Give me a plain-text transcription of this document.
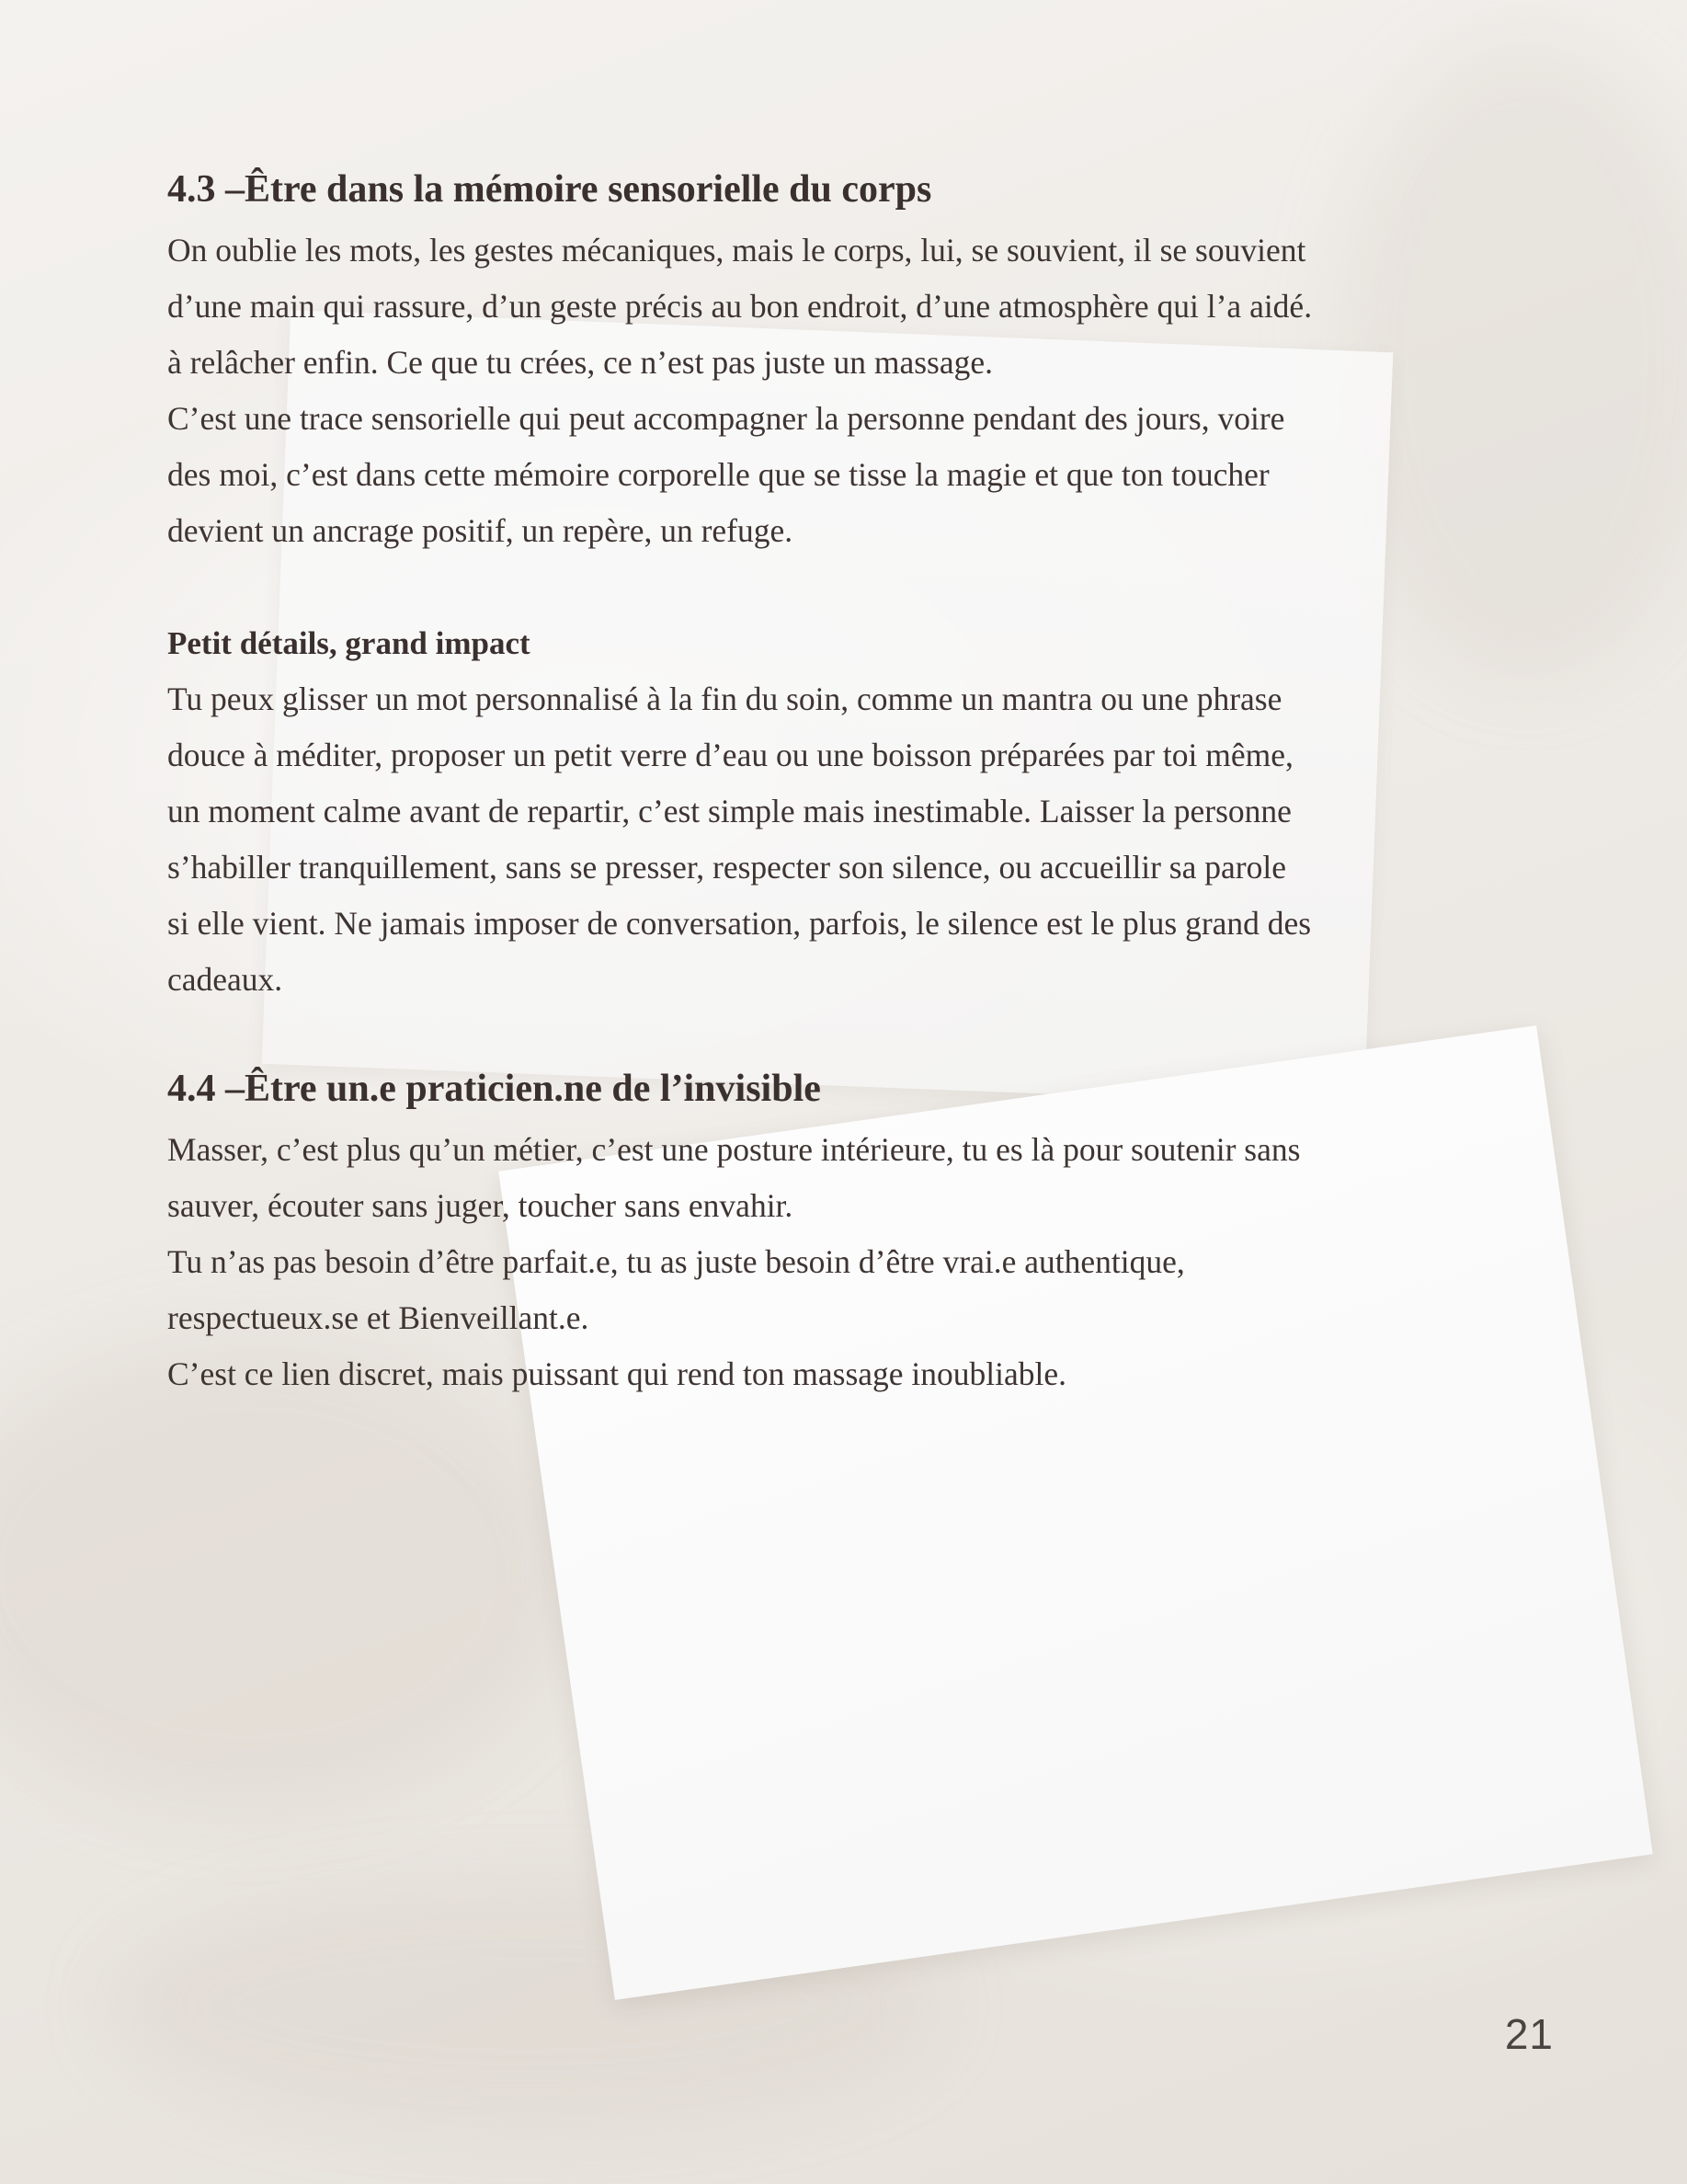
4.3 –Être dans la mémoire sensorielle du corps

On oublie les mots, les gestes mécaniques, mais le corps, lui, se souvient, il se souvient

d’une main qui rassure, d’un geste précis au bon endroit, d’une atmosphère qui l’a aidé.

à relâcher enfin. Ce que tu crées, ce n’est pas juste un massage.

C’est une trace sensorielle qui peut accompagner la personne pendant des jours, voire

des moi, c’est dans cette mémoire corporelle que se tisse la magie et que ton toucher

devient un ancrage positif, un repère, un refuge.

Petit détails, grand impact

Tu peux glisser un mot personnalisé à la fin du soin, comme un mantra ou une phrase

douce à méditer, proposer un petit verre d’eau ou une boisson préparées par toi même,

un moment calme avant de repartir, c’est simple mais inestimable. Laisser la personne

s’habiller tranquillement, sans se presser, respecter son silence, ou accueillir sa parole

si elle vient. Ne jamais imposer de conversation, parfois, le silence est le plus grand des

cadeaux.

4.4 –Être un.e praticien.ne de l’invisible

Masser, c’est plus qu’un métier, c’est une posture intérieure, tu es là pour soutenir sans

sauver, écouter sans juger, toucher sans envahir.

Tu n’as pas besoin d’être parfait.e, tu as juste besoin d’être vrai.e authentique,

respectueux.se et Bienveillant.e.

C’est ce lien discret, mais puissant qui rend ton massage inoubliable.

21
